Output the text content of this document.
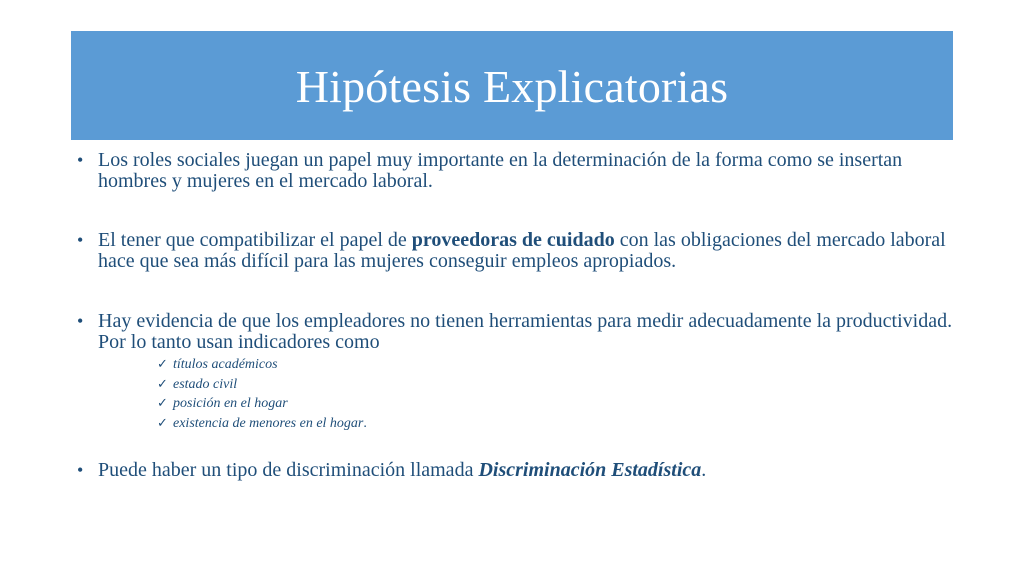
Hipótesis Explicatorias
• Los roles sociales juegan un papel muy importante en la determinación de la forma como se insertan hombres y mujeres en el mercado laboral.
• El tener que compatibilizar el papel de proveedoras de cuidado con las obligaciones del mercado laboral hace que sea más difícil para las mujeres conseguir empleos apropiados.
• Hay evidencia de que los empleadores no tienen herramientas para medir adecuadamente la productividad. Por lo tanto usan indicadores como
✓ títulos académicos
✓ estado civil
✓ posición en el hogar
✓ existencia de menores en el hogar.
• Puede haber un tipo de discriminación llamada Discriminación Estadística.
